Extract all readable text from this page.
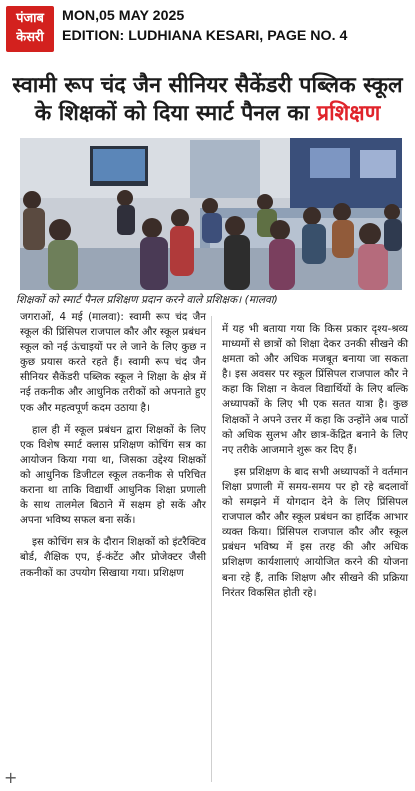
पंजाब
केसरी
MON,05 MAY 2025
EDITION: LUDHIANA KESARI, PAGE NO. 4
स्वामी रूप चंद जैन सीनियर सैकेंडरी पब्लिक स्कूल
के शिक्षकों को दिया स्मार्ट पैनल का प्रशिक्षण
शिक्षकों को स्मार्ट पैनल प्रशिक्षण प्रदान करने वाले प्रशिक्षक। (मालवा)

जगराओं, 4 मई (मालवा): स्वामी रूप चंद जैन स्कूल की प्रिंसिपल राजपाल कौर और स्कूल प्रबंधन स्कूल को नई ऊंचाइयों पर ले जाने के लिए कुछ न कुछ प्रयास करते रहते हैं। स्वामी रूप चंद जैन सीनियर सैकेंडरी पब्लिक स्कूल ने शिक्षा के क्षेत्र में नई तकनीक और आधुनिक तरीकों को अपनाते हुए एक और महत्वपूर्ण कदम उठाया है।

हाल ही में स्कूल प्रबंधन द्वारा शिक्षकों के लिए एक विशेष स्मार्ट क्लास प्रशिक्षण कोचिंग सत्र का आयोजन किया गया था, जिसका उद्देश्य शिक्षकों को आधुनिक डिजीटल स्कूल तकनीक से परिचित कराना था ताकि विद्यार्थी आधुनिक शिक्षा प्रणाली के साथ तालमेल बिठाने में सक्षम हो सकें और अपना भविष्य सफल बना सकें।

इस कोचिंग सत्र के दौरान शिक्षकों को इंटरैक्टिव बोर्ड, शैक्षिक एप, ई-कंटेंट और प्रोजेक्टर जैसी तकनीकों का उपयोग सिखाया गया। प्रशिक्षण

में यह भी बताया गया कि किस प्रकार दृश्य-श्रव्य माध्यमों से छात्रों को शिक्षा देकर उनकी सीखने की क्षमता को और अधिक मजबूत बनाया जा सकता है। इस अवसर पर स्कूल प्रिंसिपल राजपाल कौर ने कहा कि शिक्षा न केवल विद्यार्थियों के लिए बल्कि अध्यापकों के लिए भी एक सतत यात्रा है। कुछ शिक्षकों ने अपने उत्तर में कहा कि उन्होंने अब पाठों को अधिक सुलभ और छात्र-केंद्रित बनाने के लिए नए तरीके आजमाने शुरू कर दिए हैं।

इस प्रशिक्षण के बाद सभी अध्यापकों ने वर्तमान शिक्षा प्रणाली में समय-समय पर हो रहे बदलावों को समझने में योगदान देने के लिए प्रिंसिपल राजपाल कौर और स्कूल प्रबंधन का हार्दिक आभार व्यक्त किया। प्रिंसिपल राजपाल कौर और स्कूल प्रबंधन भविष्य में इस तरह की और अधिक प्रशिक्षण कार्यशालाएं आयोजित करने की योजना बना रहे हैं, ताकि शिक्षण और सीखने की प्रक्रिया निरंतर विकसित होती रहे।

+
